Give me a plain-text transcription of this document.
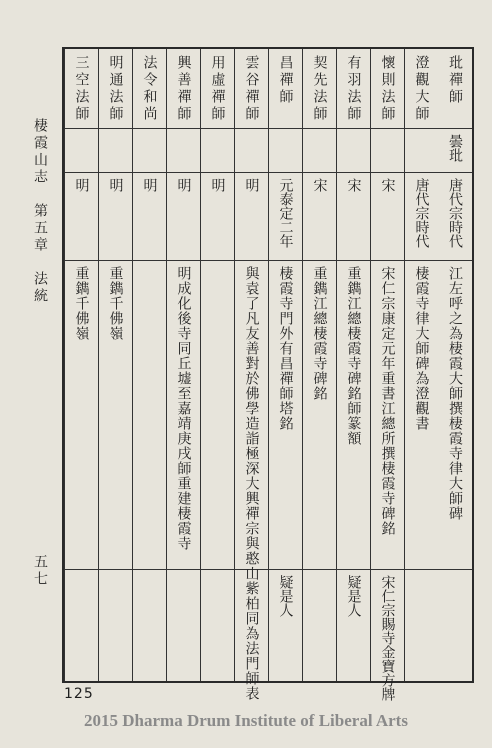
棲霞山志　第五章　法統
五七
玭禪師
曇玭
唐代宗時代
江左呼之為棲霞大師撰棲霞寺律大師碑
澄觀大師
唐代宗時代
棲霞寺律大師碑為澄觀書
懷則法師
宋
宋仁宗康定元年重書江總所撰棲霞寺碑銘
宋仁宗賜寺金寶方牌
有羽法師
宋
重鐫江總棲霞寺碑銘師篆額
疑是人
契先法師
宋
重鐫江總棲霞寺碑銘
昌禪師
元泰定二年
棲霞寺門外有昌禪師塔銘
疑是人
雲谷禪師
明
與袁了凡友善對於佛學造詣極深大興禪宗與憨山紫柏同為法門師表
用虛禪師
明
興善禪師
明
明成化後寺同丘墟至嘉靖庚戌師重建棲霞寺
法令和尚
明
明通法師
明
重鐫千佛嶺
三空法師
明
重鐫千佛嶺
125
2015 Dharma Drum Institute of Liberal Arts
